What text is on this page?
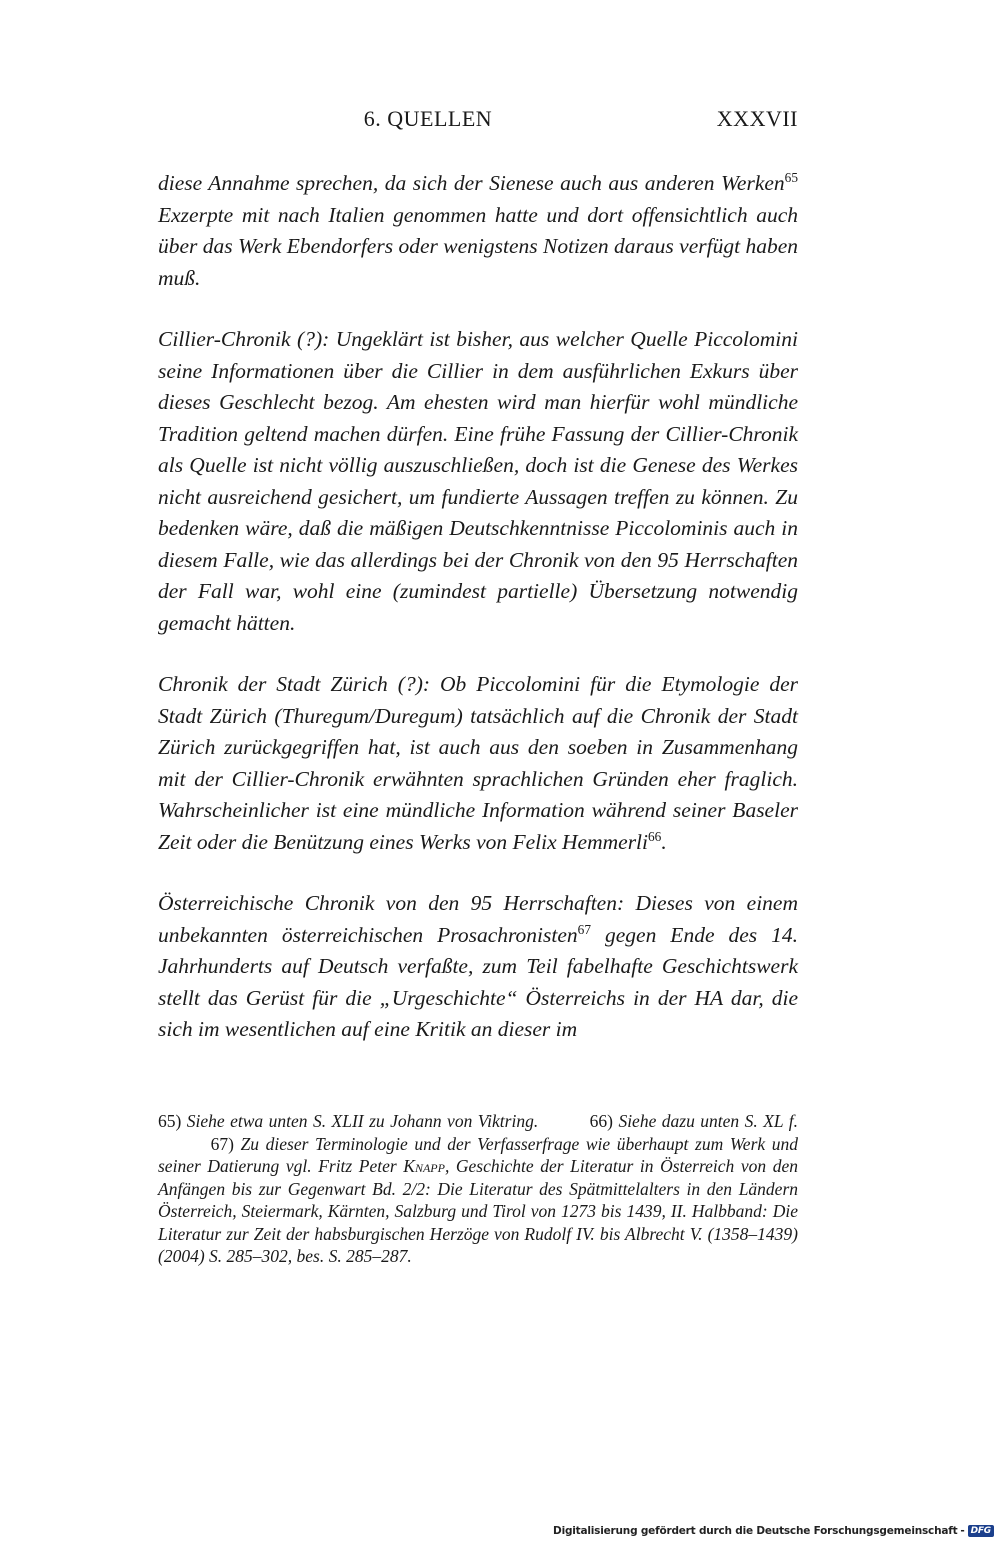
6. QUELLEN	XXXVII

diese Annahme sprechen, da sich der Sienese auch aus anderen Werken$^{65}$ Exzerpte mit nach Italien genommen hatte und dort offensichtlich auch über das Werk Ebendorfers oder wenigstens Notizen daraus verfügt haben muß.

Cillier-Chronik (?): Ungeklärt ist bisher, aus welcher Quelle Piccolomini seine Informationen über die Cillier in dem ausführlichen Exkurs über dieses Geschlecht bezog. Am ehesten wird man hierfür wohl mündliche Tradition geltend machen dürfen. Eine frühe Fassung der Cillier-Chronik als Quelle ist nicht völlig auszuschließen, doch ist die Genese des Werkes nicht ausreichend gesichert, um fundierte Aussagen treffen zu können. Zu bedenken wäre, daß die mäßigen Deutschkenntnisse Piccolominis auch in diesem Falle, wie das allerdings bei der Chronik von den 95 Herrschaften der Fall war, wohl eine (zumindest partielle) Übersetzung notwendig gemacht hätten.

Chronik der Stadt Zürich (?): Ob Piccolomini für die Etymologie der Stadt Zürich (Thuregum/Duregum) tatsächlich auf die Chronik der Stadt Zürich zurückgegriffen hat, ist auch aus den soeben in Zusammenhang mit der Cillier-Chronik erwähnten sprachlichen Gründen eher fraglich. Wahrscheinlicher ist eine mündliche Information während seiner Baseler Zeit oder die Benützung eines Werks von Felix Hemmerli$^{66}$.

Österreichische Chronik von den 95 Herrschaften: Dieses von einem unbekannten österreichischen Prosachronisten$^{67}$ gegen Ende des 14. Jahrhunderts auf Deutsch verfaßte, zum Teil fabelhafte Geschichtswerk stellt das Gerüst für die „Urgeschichte“ Österreichs in der HA dar, die sich im wesentlichen auf eine Kritik an dieser im

65) Siehe etwa unten S. XLII zu Johann von Viktring.	66) Siehe dazu unten S. XL f. 67) Zu dieser Terminologie und der Verfasserfrage wie überhaupt zum Werk und seiner Datierung vgl. Fritz Peter Knapp, Geschichte der Literatur in Österreich von den Anfängen bis zur Gegenwart Bd. 2/2: Die Literatur des Spätmittelalters in den Ländern Österreich, Steiermark, Kärnten, Salzburg und Tirol von 1273 bis 1439, II. Halbband: Die Literatur zur Zeit der habsburgischen Herzöge von Rudolf IV. bis Albrecht V. (1358–1439) (2004) S. 285–302, bes. S. 285–287.
Digitalisierung gefördert durch die Deutsche Forschungsgemeinschaft - DFG
